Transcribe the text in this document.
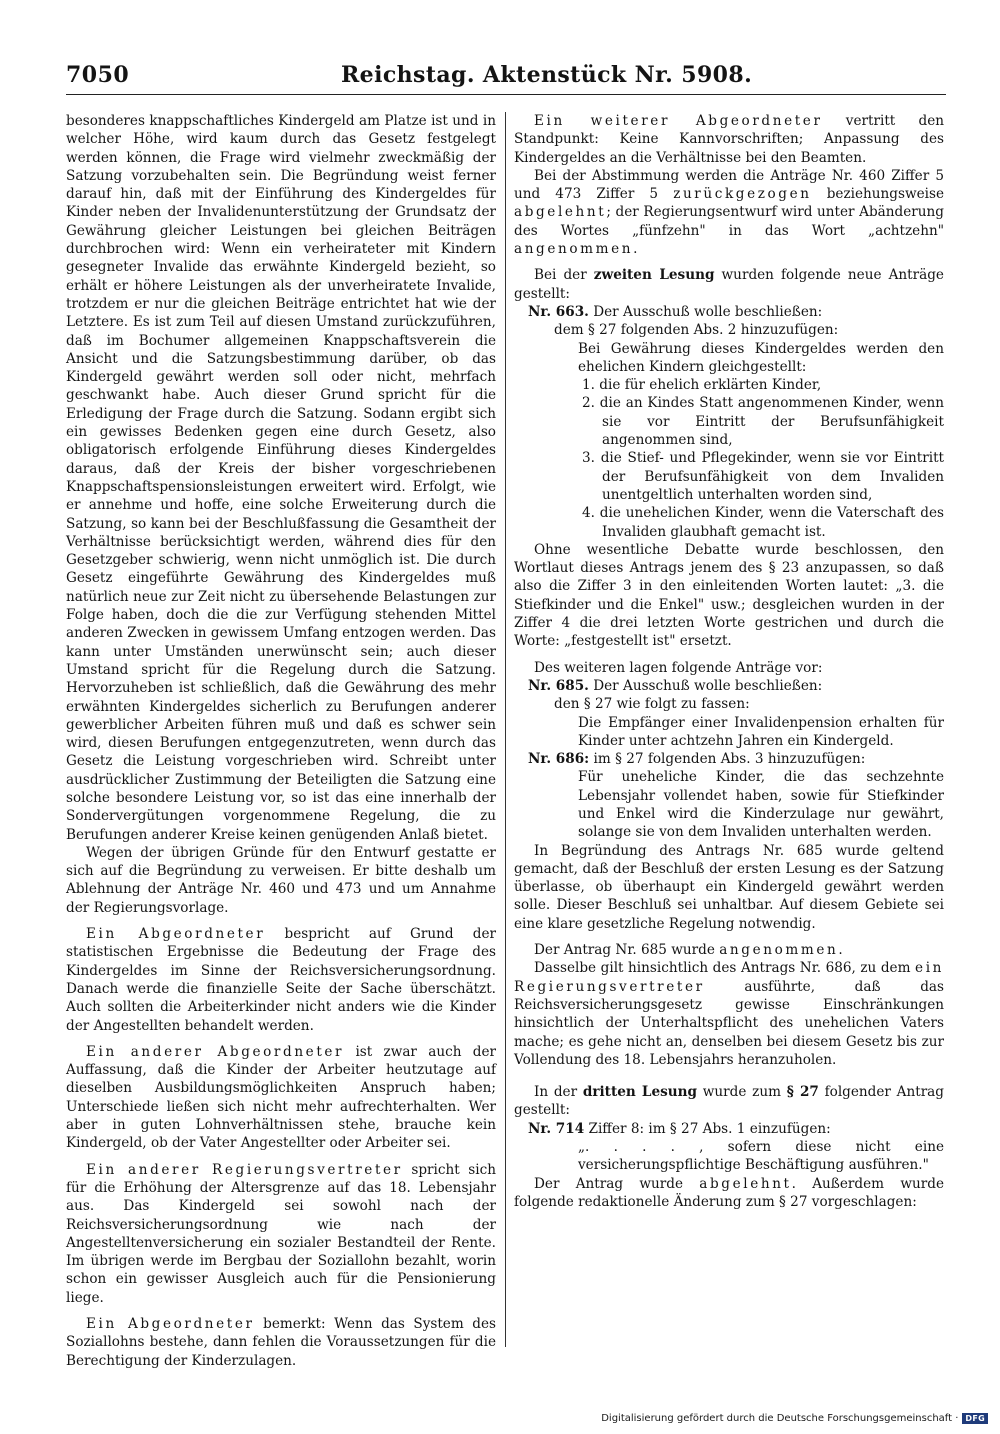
7050	Reichstag. Aktenstück Nr. 5908.

besonderes knappschaftliches Kindergeld am Platze ist und in welcher Höhe, wird kaum durch das Gesetz festgelegt werden können, die Frage wird vielmehr zweckmäßig der Satzung vorzubehalten sein. Die Begründung weist ferner darauf hin, daß mit der Einführung des Kindergeldes für Kinder neben der Invalidenunterstützung der Grundsatz der Gewährung gleicher Leistungen bei gleichen Beiträgen durchbrochen wird: Wenn ein verheirateter mit Kindern gesegneter Invalide das erwähnte Kindergeld bezieht, so erhält er höhere Leistungen als der unverheiratete Invalide, trotzdem er nur die gleichen Beiträge entrichtet hat wie der Letztere. Es ist zum Teil auf diesen Umstand zurückzuführen, daß im Bochumer allgemeinen Knappschaftsverein die Ansicht und die Satzungsbestimmung darüber, ob das Kindergeld gewährt werden soll oder nicht, mehrfach geschwankt habe. Auch dieser Grund spricht für die Erledigung der Frage durch die Satzung. Sodann ergibt sich ein gewisses Bedenken gegen eine durch Gesetz, also obligatorisch erfolgende Einführung dieses Kindergeldes daraus, daß der Kreis der bisher vorgeschriebenen Knappschaftspensionsleistungen erweitert wird. Erfolgt, wie er annehme und hoffe, eine solche Erweiterung durch die Satzung, so kann bei der Beschlußfassung die Gesamtheit der Verhältnisse berücksichtigt werden, während dies für den Gesetzgeber schwierig, wenn nicht unmöglich ist. Die durch Gesetz eingeführte Gewährung des Kindergeldes muß natürlich neue zur Zeit nicht zu übersehende Belastungen zur Folge haben, doch die die zur Verfügung stehenden Mittel anderen Zwecken in gewissem Umfang entzogen werden. Das kann unter Umständen unerwünscht sein; auch dieser Umstand spricht für die Regelung durch die Satzung. Hervorzuheben ist schließlich, daß die Gewährung des mehr erwähnten Kindergeldes sicherlich zu Berufungen anderer gewerblicher Arbeiten führen muß und daß es schwer sein wird, diesen Berufungen entgegenzutreten, wenn durch das Gesetz die Leistung vorgeschrieben wird. Schreibt unter ausdrücklicher Zustimmung der Beteiligten die Satzung eine solche besondere Leistung vor, so ist das eine innerhalb der Sondervergütungen vorgenommene Regelung, die zu Berufungen anderer Kreise keinen genügenden Anlaß bietet.

Wegen der übrigen Gründe für den Entwurf gestatte er sich auf die Begründung zu verweisen. Er bitte deshalb um Ablehnung der Anträge Nr. 460 und 473 und um Annahme der Regierungsvorlage.

Ein Abgeordneter bespricht auf Grund der statistischen Ergebnisse die Bedeutung der Frage des Kindergeldes im Sinne der Reichsversicherungsordnung. Danach werde die finanzielle Seite der Sache überschätzt. Auch sollten die Arbeiterkinder nicht anders wie die Kinder der Angestellten behandelt werden.

Ein anderer Abgeordneter ist zwar auch der Auffassung, daß die Kinder der Arbeiter heutzutage auf dieselben Ausbildungsmöglichkeiten Anspruch haben; Unterschiede ließen sich nicht mehr aufrechterhalten. Wer aber in guten Lohnverhältnissen stehe, brauche kein Kindergeld, ob der Vater Angestellter oder Arbeiter sei.

Ein anderer Regierungsvertreter spricht sich für die Erhöhung der Altersgrenze auf das 18. Lebensjahr aus. Das Kindergeld sei sowohl nach der Reichsversicherungsordnung wie nach der Angestelltenversicherung ein sozialer Bestandteil der Rente. Im übrigen werde im Bergbau der Soziallohn bezahlt, worin schon ein gewisser Ausgleich auch für die Pensionierung liege.

Ein Abgeordneter bemerkt: Wenn das System des Soziallohns bestehe, dann fehlen die Voraussetzungen für die Berechtigung der Kinderzulagen.

Ein weiterer Abgeordneter vertritt den Standpunkt: Keine Kannvorschriften; Anpassung des Kindergeldes an die Verhältnisse bei den Beamten.

Bei der Abstimmung werden die Anträge Nr. 460 Ziffer 5 und 473 Ziffer 5 zurückgezogen beziehungsweise abgelehnt; der Regierungsentwurf wird unter Abänderung des Wortes „fünfzehn" in das Wort „achtzehn" angenommen.

Bei der zweiten Lesung wurden folgende neue Anträge gestellt:

Nr. 663. Der Ausschuß wolle beschließen:

dem § 27 folgenden Abs. 2 hinzuzufügen:

Bei Gewährung dieses Kindergeldes werden den ehelichen Kindern gleichgestellt:

1. die für ehelich erklärten Kinder,

2. die an Kindes Statt angenommenen Kinder, wenn sie vor Eintritt der Berufsunfähigkeit angenommen sind,

3. die Stief- und Pflegekinder, wenn sie vor Eintritt der Berufsunfähigkeit von dem Invaliden unentgeltlich unterhalten worden sind,

4. die unehelichen Kinder, wenn die Vaterschaft des Invaliden glaubhaft gemacht ist.

Ohne wesentliche Debatte wurde beschlossen, den Wortlaut dieses Antrags jenem des § 23 anzupassen, so daß also die Ziffer 3 in den einleitenden Worten lautet: „3. die Stiefkinder und die Enkel" usw.; desgleichen wurden in der Ziffer 4 die drei letzten Worte gestrichen und durch die Worte: „festgestellt ist" ersetzt.

Des weiteren lagen folgende Anträge vor:

Nr. 685. Der Ausschuß wolle beschließen:

den § 27 wie folgt zu fassen:

Die Empfänger einer Invalidenpension erhalten für Kinder unter achtzehn Jahren ein Kindergeld.

Nr. 686: im § 27 folgenden Abs. 3 hinzuzufügen:

Für uneheliche Kinder, die das sechzehnte Lebensjahr vollendet haben, sowie für Stiefkinder und Enkel wird die Kinderzulage nur gewährt, solange sie von dem Invaliden unterhalten werden.

In Begründung des Antrags Nr. 685 wurde geltend gemacht, daß der Beschluß der ersten Lesung es der Satzung überlasse, ob überhaupt ein Kindergeld gewährt werden solle. Dieser Beschluß sei unhaltbar. Auf diesem Gebiete sei eine klare gesetzliche Regelung notwendig.

Der Antrag Nr. 685 wurde angenommen.

Dasselbe gilt hinsichtlich des Antrags Nr. 686, zu dem ein Regierungsvertreter ausführte, daß das Reichsversicherungsgesetz gewisse Einschränkungen hinsichtlich der Unterhaltspflicht des unehelichen Vaters mache; es gehe nicht an, denselben bei diesem Gesetz bis zur Vollendung des 18. Lebensjahrs heranzuholen.

In der dritten Lesung wurde zum § 27 folgender Antrag gestellt:

Nr. 714 Ziffer 8: im § 27 Abs. 1 einzufügen:

„. . . . , sofern diese nicht eine versicherungspflichtige Beschäftigung ausführen."

Der Antrag wurde abgelehnt. Außerdem wurde folgende redaktionelle Änderung zum § 27 vorgeschlagen:

Digitalisierung gefördert durch die Deutsche Forschungsgemeinschaft · DFG
